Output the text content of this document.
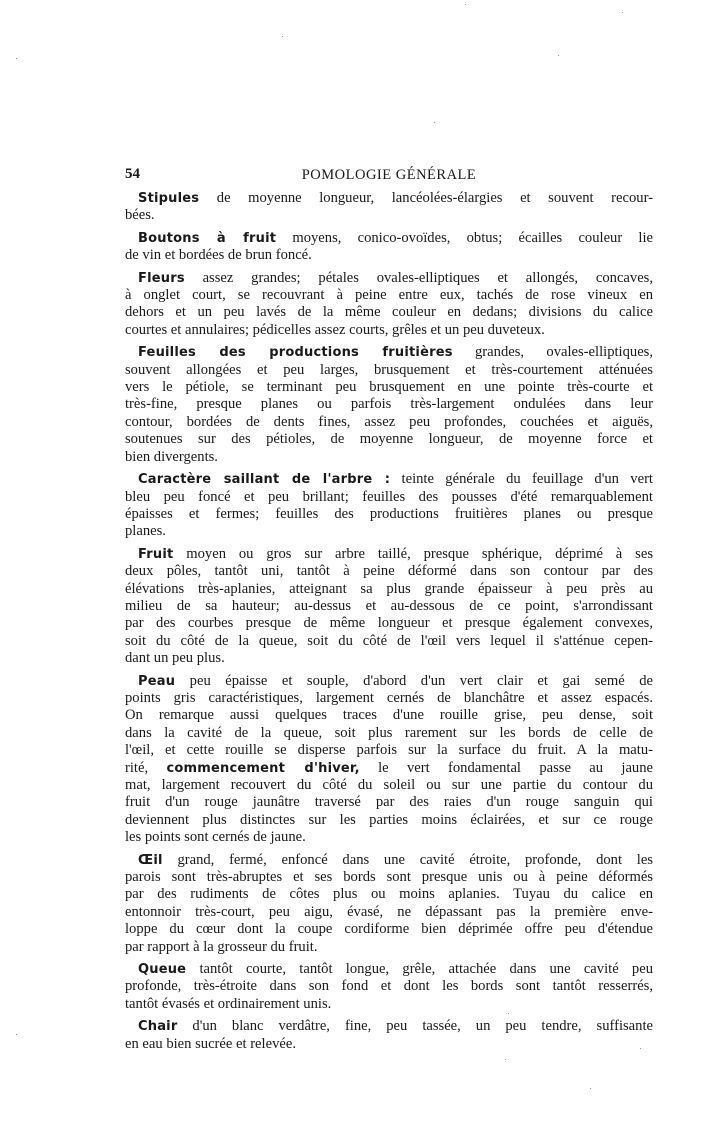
54	POMOLOGIE GÉNÉRALE

Stipules de moyenne longueur, lancéolées-élargies et souvent recour-
bées.

Boutons à fruit moyens, conico-ovoïdes, obtus; écailles couleur lie
de vin et bordées de brun foncé.

Fleurs assez grandes; pétales ovales-elliptiques et allongés, concaves,
à onglet court, se recouvrant à peine entre eux, tachés de rose vineux en
dehors et un peu lavés de la même couleur en dedans; divisions du calice
courtes et annulaires; pédicelles assez courts, grêles et un peu duveteux.

Feuilles des productions fruitières grandes, ovales-elliptiques,
souvent allongées et peu larges, brusquement et très-courtement atténuées
vers le pétiole, se terminant peu brusquement en une pointe très-courte et
très-fine, presque planes ou parfois très-largement ondulées dans leur
contour, bordées de dents fines, assez peu profondes, couchées et aiguës,
soutenues sur des pétioles, de moyenne longueur, de moyenne force et
bien divergents.

Caractère saillant de l'arbre : teinte générale du feuillage d'un vert
bleu peu foncé et peu brillant; feuilles des pousses d'été remarquablement
épaisses et fermes; feuilles des productions fruitières planes ou presque
planes.

Fruit moyen ou gros sur arbre taillé, presque sphérique, déprimé à ses
deux pôles, tantôt uni, tantôt à peine déformé dans son contour par des
élévations très-aplanies, atteignant sa plus grande épaisseur à peu près au
milieu de sa hauteur; au-dessus et au-dessous de ce point, s'arrondissant
par des courbes presque de même longueur et presque également convexes,
soit du côté de la queue, soit du côté de l'œil vers lequel il s'atténue cepen-
dant un peu plus.

Peau peu épaisse et souple, d'abord d'un vert clair et gai semé de
points gris caractéristiques, largement cernés de blanchâtre et assez espacés.
On remarque aussi quelques traces d'une rouille grise, peu dense, soit
dans la cavité de la queue, soit plus rarement sur les bords de celle de
l'œil, et cette rouille se disperse parfois sur la surface du fruit. A la matu-
rité, commencement d'hiver, le vert fondamental passe au jaune
mat, largement recouvert du côté du soleil ou sur une partie du contour du
fruit d'un rouge jaunâtre traversé par des raies d'un rouge sanguin qui
deviennent plus distinctes sur les parties moins éclairées, et sur ce rouge
les points sont cernés de jaune.

Œil grand, fermé, enfoncé dans une cavité étroite, profonde, dont les
parois sont très-abruptes et ses bords sont presque unis ou à peine déformés
par des rudiments de côtes plus ou moins aplanies. Tuyau du calice en
entonnoir très-court, peu aigu, évasé, ne dépassant pas la première enve-
loppe du cœur dont la coupe cordiforme bien déprimée offre peu d'étendue
par rapport à la grosseur du fruit.

Queue tantôt courte, tantôt longue, grêle, attachée dans une cavité peu
profonde, très-étroite dans son fond et dont les bords sont tantôt resserrés,
tantôt évasés et ordinairement unis.

Chair d'un blanc verdâtre, fine, peu tassée, un peu tendre, suffisante
en eau bien sucrée et relevée.
